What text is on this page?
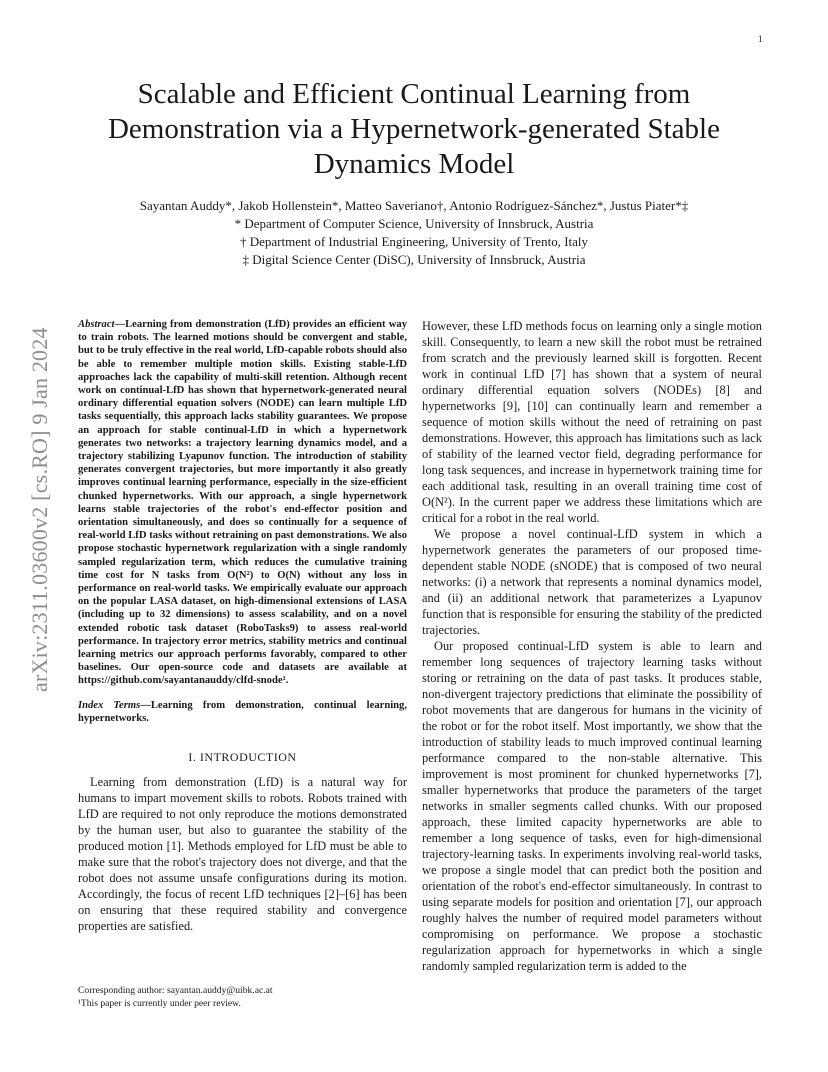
1
arXiv:2311.03600v2 [cs.RO] 9 Jan 2024
Scalable and Efficient Continual Learning from
Demonstration via a Hypernetwork-generated Stable
Dynamics Model
Sayantan Auddy*, Jakob Hollenstein*, Matteo Saveriano†, Antonio Rodríguez-Sánchez*, Justus Piater*‡
* Department of Computer Science, University of Innsbruck, Austria
† Department of Industrial Engineering, University of Trento, Italy
‡ Digital Science Center (DiSC), University of Innsbruck, Austria

Abstract—Learning from demonstration (LfD) provides an efficient way to train robots. The learned motions should be convergent and stable, but to be truly effective in the real world, LfD-capable robots should also be able to remember multiple motion skills. Existing stable-LfD approaches lack the capability of multi-skill retention. Although recent work on continual-LfD has shown that hypernetwork-generated neural ordinary differential equation solvers (NODE) can learn multiple LfD tasks sequentially, this approach lacks stability guarantees. We propose an approach for stable continual-LfD in which a hypernetwork generates two networks: a trajectory learning dynamics model, and a trajectory stabilizing Lyapunov function. The introduction of stability generates convergent trajectories, but more importantly it also greatly improves continual learning performance, especially in the size-efficient chunked hypernetworks. With our approach, a single hypernetwork learns stable trajectories of the robot's end-effector position and orientation simultaneously, and does so continually for a sequence of real-world LfD tasks without retraining on past demonstrations. We also propose stochastic hypernetwork regularization with a single randomly sampled regularization term, which reduces the cumulative training time cost for N tasks from O(N²) to O(N) without any loss in performance on real-world tasks. We empirically evaluate our approach on the popular LASA dataset, on high-dimensional extensions of LASA (including up to 32 dimensions) to assess scalability, and on a novel extended robotic task dataset (RoboTasks9) to assess real-world performance. In trajectory error metrics, stability metrics and continual learning metrics our approach performs favorably, compared to other baselines. Our open-source code and datasets are available at https://github.com/sayantanauddy/clfd-snode¹.

Index Terms—Learning from demonstration, continual learning, hypernetworks.
I. INTRODUCTION

Learning from demonstration (LfD) is a natural way for humans to impart movement skills to robots. Robots trained with LfD are required to not only reproduce the motions demonstrated by the human user, but also to guarantee the stability of the produced motion [1]. Methods employed for LfD must be able to make sure that the robot's trajectory does not diverge, and that the robot does not assume unsafe configurations during its motion. Accordingly, the focus of recent LfD techniques [2]–[6] has been on ensuring that these required stability and convergence properties are satisfied.

Corresponding author: sayantan.auddy@uibk.ac.at
¹This paper is currently under peer review.

However, these LfD methods focus on learning only a single motion skill. Consequently, to learn a new skill the robot must be retrained from scratch and the previously learned skill is forgotten. Recent work in continual LfD [7] has shown that a system of neural ordinary differential equation solvers (NODEs) [8] and hypernetworks [9], [10] can continually learn and remember a sequence of motion skills without the need of retraining on past demonstrations. However, this approach has limitations such as lack of stability of the learned vector field, degrading performance for long task sequences, and increase in hypernetwork training time for each additional task, resulting in an overall training time cost of O(N²). In the current paper we address these limitations which are critical for a robot in the real world.

We propose a novel continual-LfD system in which a hypernetwork generates the parameters of our proposed time-dependent stable NODE (sNODE) that is composed of two neural networks: (i) a network that represents a nominal dynamics model, and (ii) an additional network that parameterizes a Lyapunov function that is responsible for ensuring the stability of the predicted trajectories.

Our proposed continual-LfD system is able to learn and remember long sequences of trajectory learning tasks without storing or retraining on the data of past tasks. It produces stable, non-divergent trajectory predictions that eliminate the possibility of robot movements that are dangerous for humans in the vicinity of the robot or for the robot itself. Most importantly, we show that the introduction of stability leads to much improved continual learning performance compared to the non-stable alternative. This improvement is most prominent for chunked hypernetworks [7], smaller hypernetworks that produce the parameters of the target networks in smaller segments called chunks. With our proposed approach, these limited capacity hypernetworks are able to remember a long sequence of tasks, even for high-dimensional trajectory-learning tasks. In experiments involving real-world tasks, we propose a single model that can predict both the position and orientation of the robot's end-effector simultaneously. In contrast to using separate models for position and orientation [7], our approach roughly halves the number of required model parameters without compromising on performance. We propose a stochastic regularization approach for hypernetworks in which a single randomly sampled regularization term is added to the
